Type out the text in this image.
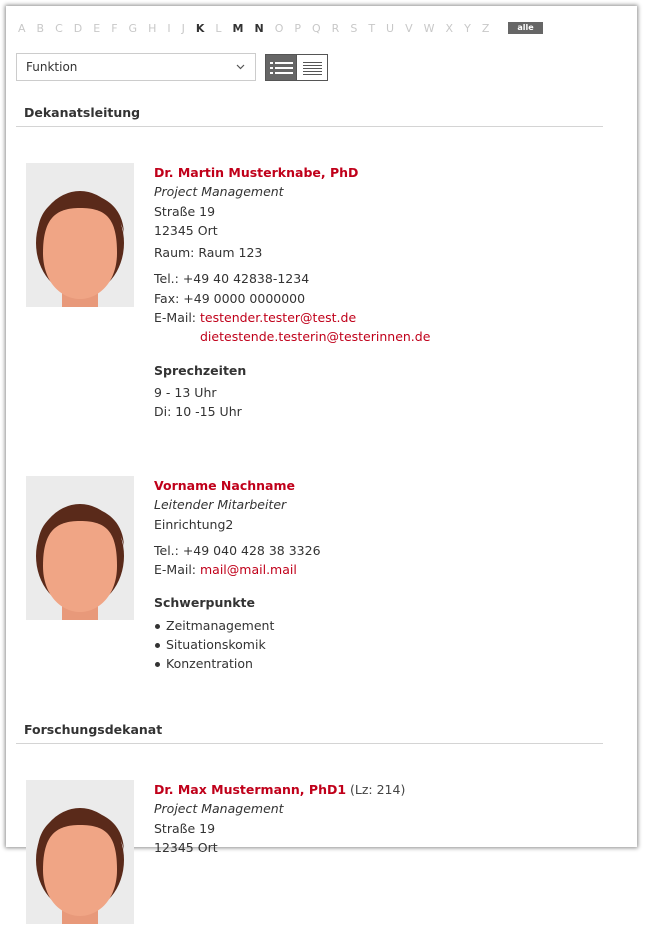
A B C D E F G H I J K L M N O P Q R S T U V W X Y Z	alle
Funktion
Dekanatsleitung
Dr. Martin Musterknabe, PhD
Project Management
Straße 19
12345 Ort
Raum: Raum 123
Tel.: +49 40 42838-1234
Fax: +49 0000 0000000
E-Mail: testender.tester@test.de
dietestende.testerin@testerinnen.de
Sprechzeiten
9 - 13 Uhr
Di: 10 -15 Uhr
Vorname Nachname
Leitender Mitarbeiter
Einrichtung2
Tel.: +49 040 428 38 3326
E-Mail: mail@mail.mail
Schwerpunkte
Zeitmanagement
Situationskomik
Konzentration
Forschungsdekanat
Dr. Max Mustermann, PhD1 (Lz: 214)
Project Management
Straße 19
12345 Ort
